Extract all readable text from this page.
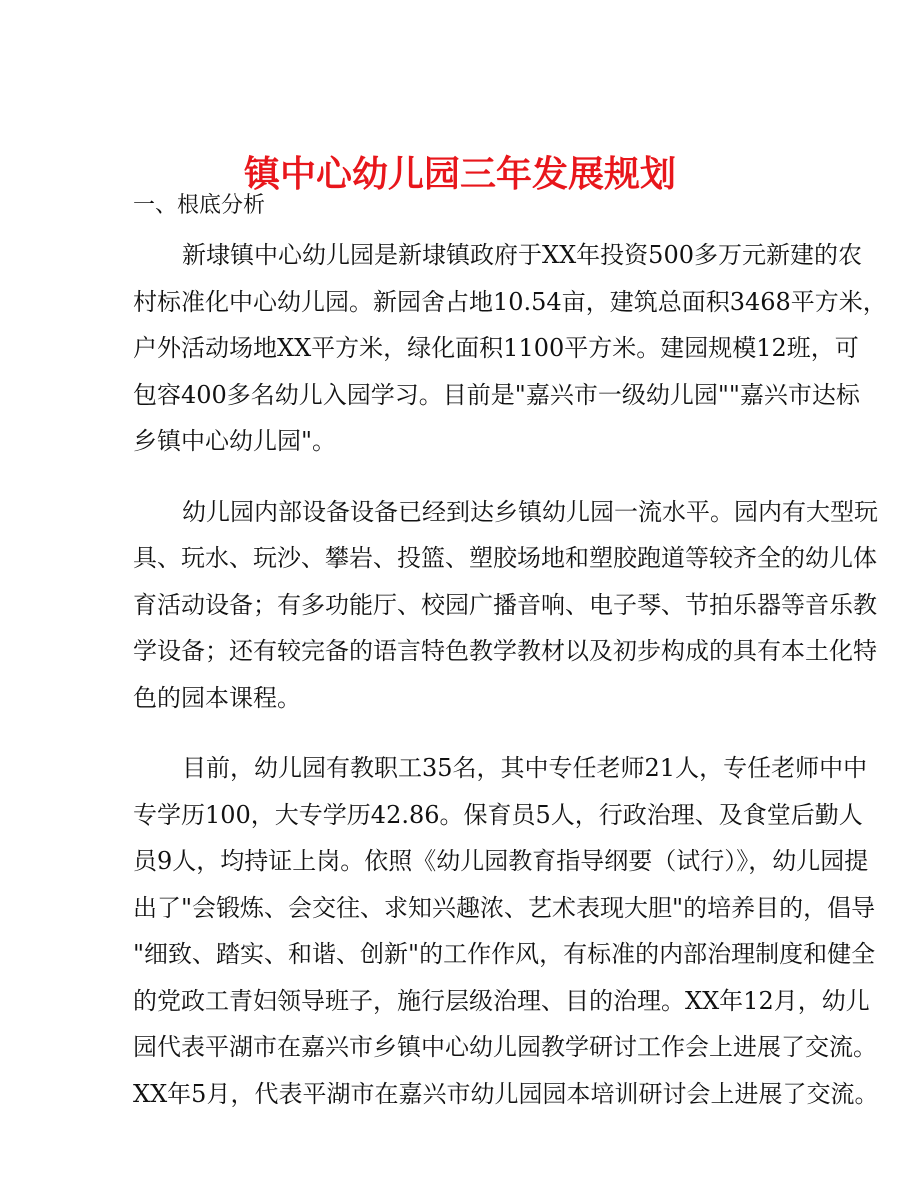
镇中心幼儿园三年发展规划
一、根底分析
新埭镇中心幼儿园是新埭镇政府于XX年投资500多万元新建的农
村标准化中心幼儿园。新园舍占地10.54亩，建筑总面积3468平方米，
户外活动场地XX平方米，绿化面积1100平方米。建园规模12班，可
包容400多名幼儿入园学习。目前是"嘉兴市一级幼儿园""嘉兴市达标
乡镇中心幼儿园"。
幼儿园内部设备设备已经到达乡镇幼儿园一流水平。园内有大型玩
具、玩水、玩沙、攀岩、投篮、塑胶场地和塑胶跑道等较齐全的幼儿体
育活动设备；有多功能厅、校园广播音响、电子琴、节拍乐器等音乐教
学设备；还有较完备的语言特色教学教材以及初步构成的具有本土化特
色的园本课程。
目前，幼儿园有教职工35名，其中专任老师21人，专任老师中中
专学历100，大专学历42.86。保育员5人，行政治理、及食堂后勤人
员9人，均持证上岗。依照《幼儿园教育指导纲要（试行）》，幼儿园提
出了"会锻炼、会交往、求知兴趣浓、艺术表现大胆"的培养目的，倡导
"细致、踏实、和谐、创新"的工作作风，有标准的内部治理制度和健全
的党政工青妇领导班子，施行层级治理、目的治理。XX年12月，幼儿
园代表平湖市在嘉兴市乡镇中心幼儿园教学研讨工作会上进展了交流。
XX年5月，代表平湖市在嘉兴市幼儿园园本培训研讨会上进展了交流。
